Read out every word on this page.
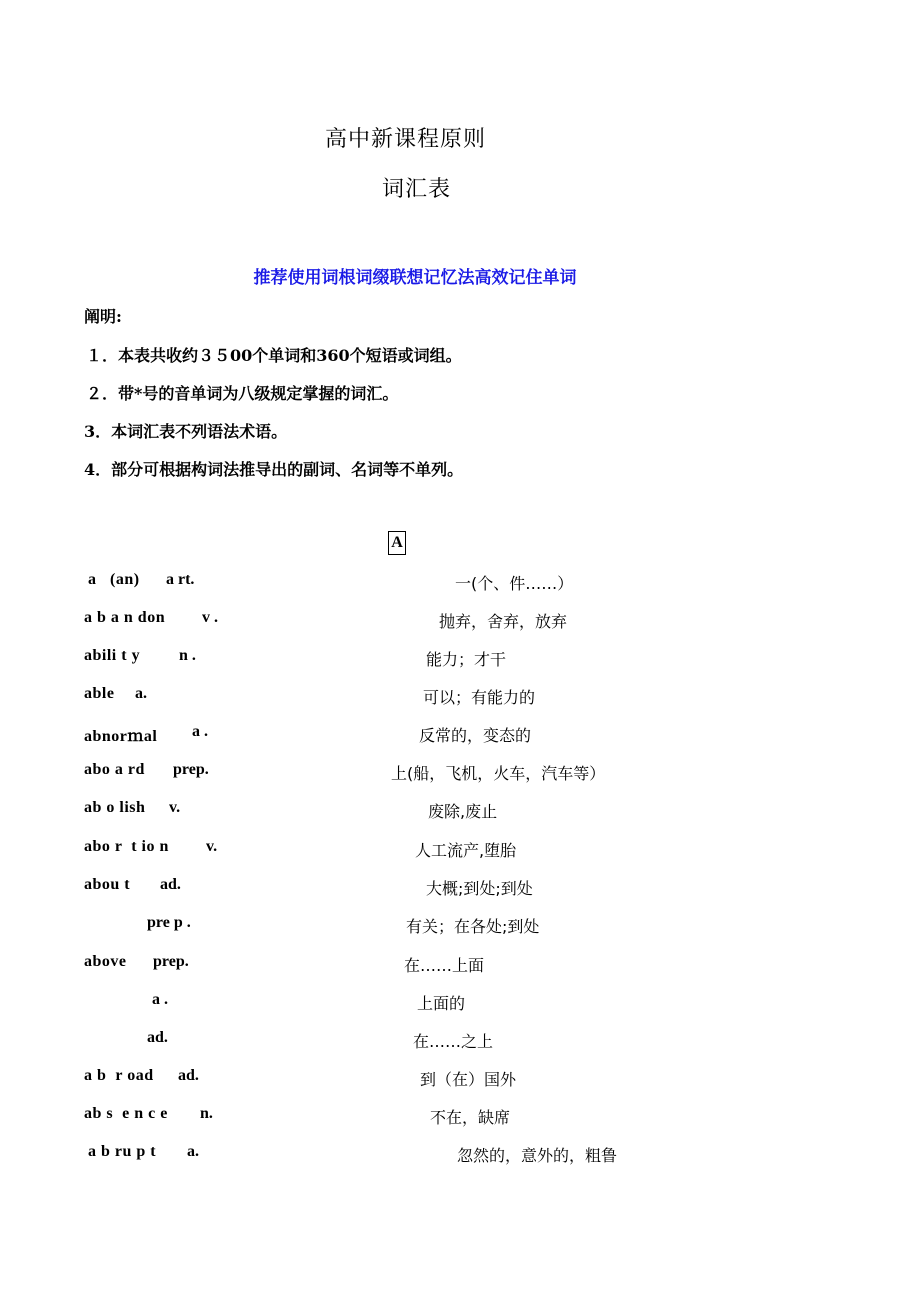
高中新课程原则
词汇表
推荐使用词根词缀联想记忆法高效记住单词
阐明:
１．本表共收约３５00个单词和360个短语或词组。
２．带*号的音单词为八级规定掌握的词汇。
3．本词汇表不列语法术语。
4．部分可根据构词法推导出的副词、名词等不单列。
A
a   (an) a rt.	一(个、件……）
a b a n don v .	抛弃，舍弃，放弃
abili t y n .	能力；才干
able a.	可以；有能力的
abnorｍal a .	反常的，变态的
abo a rd prep.	上(船，飞机，火车，汽车等）
ab o lish v.	废除,废止
abo r  t io n v.	人工流产,堕胎
abou t ad.	大概;到处;到处
pre p .	有关；在各处;到处
above prep.	在……上面
a .	上面的
ad.	在……之上
a b  r oad ad.	到（在）国外
ab s  e n c e n.	不在，缺席
a b ru p t a.	忽然的，意外的，粗鲁
